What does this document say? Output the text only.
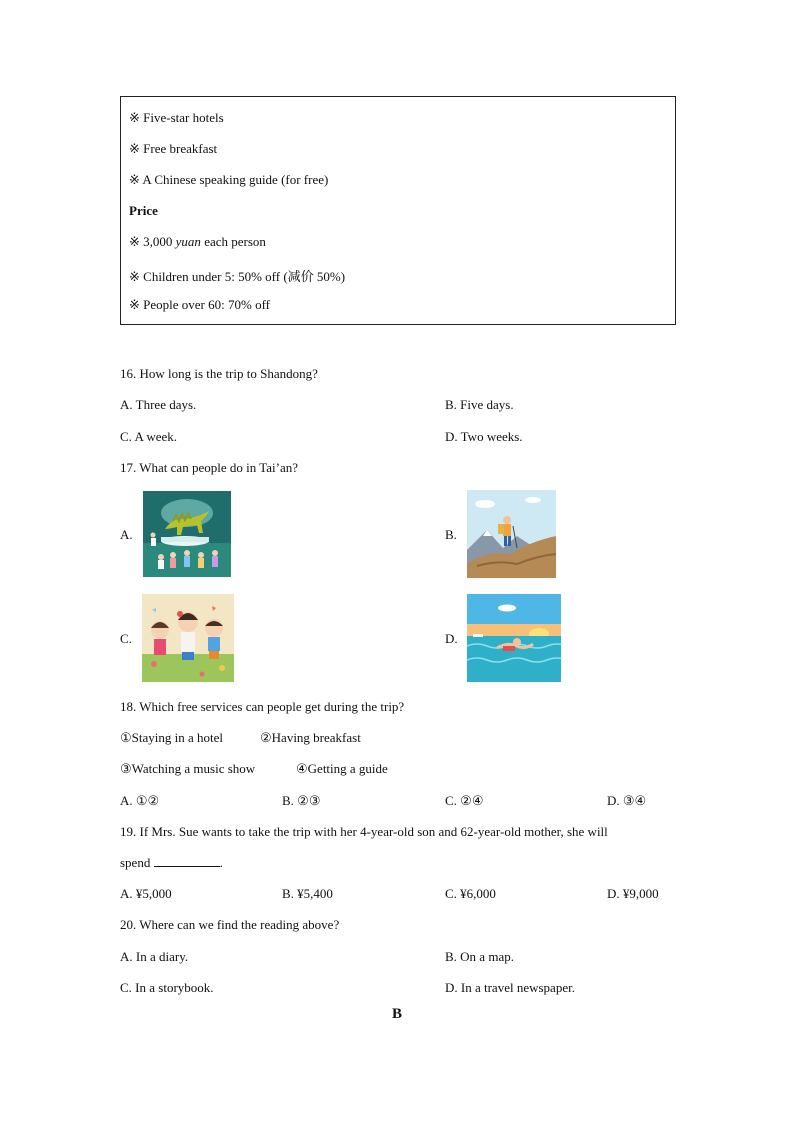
※ Five-star hotels
※ Free breakfast
※ A Chinese speaking guide (for free)
Price
※ 3,000 yuan each person
※ Children under 5: 50% off (减价 50%)
※ People over 60: 70% off
16. How long is the trip to Shandong?
A. Three days.	B. Five days.
C. A week.	D. Two weeks.
17. What can people do in Tai’an?
A.	B.
C.	D.
18. Which free services can people get during the trip?
①Staying in a hotel	②Having breakfast
③Watching a music show	④Getting a guide
A. ①②	B. ②③	C. ②④	D. ③④
19. If Mrs. Sue wants to take the trip with her 4-year-old son and 62-year-old mother, she will
spend	.
A. ¥5,000	B. ¥5,400	C. ¥6,000	D. ¥9,000
20. Where can we find the reading above?
A. In a diary.	B. On a map.
C. In a storybook.	D. In a travel newspaper.
B
